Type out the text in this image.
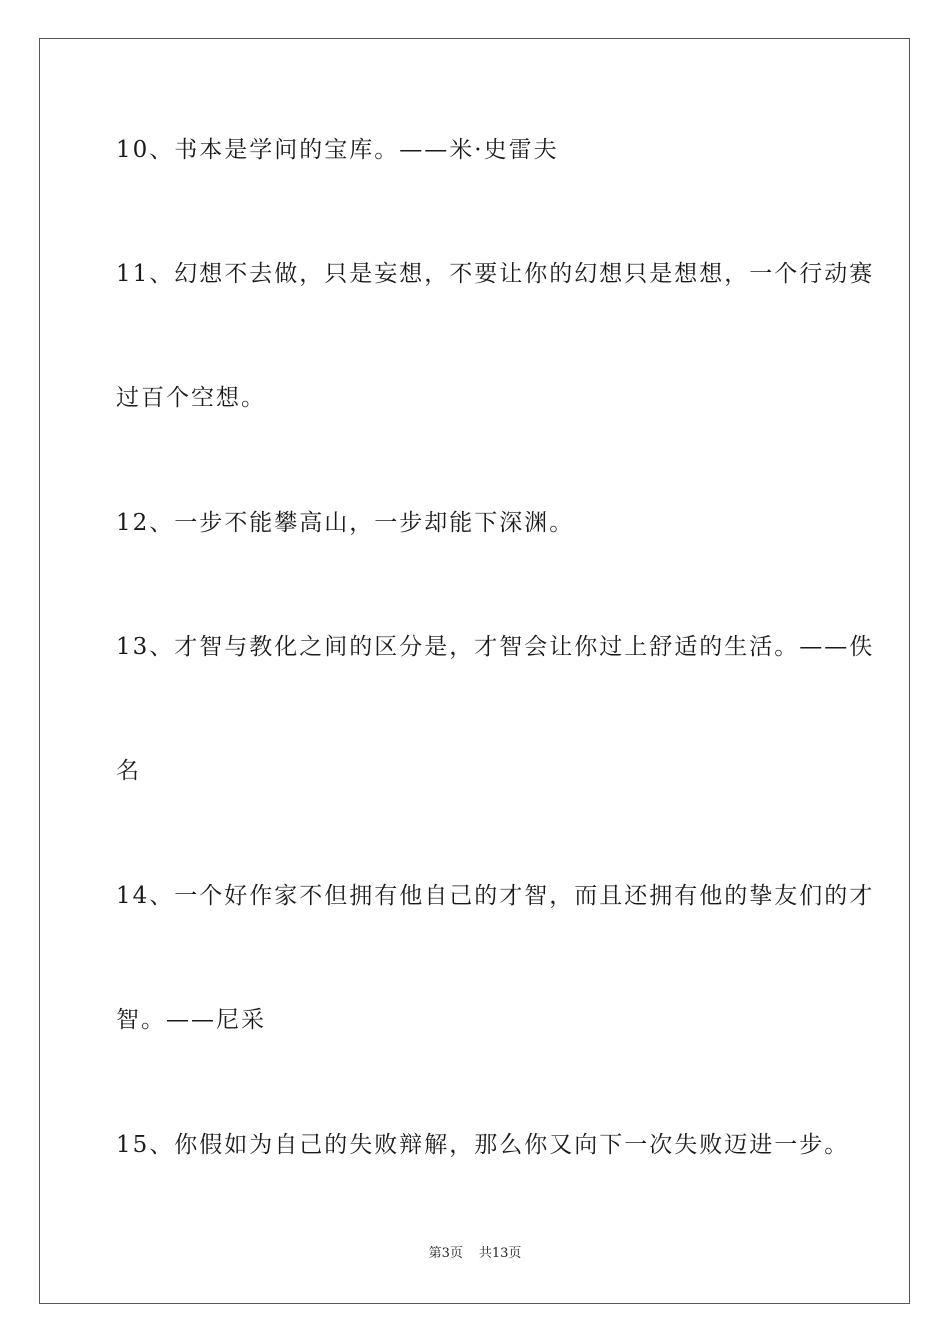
10、书本是学问的宝库。——米·史雷夫
11、幻想不去做，只是妄想，不要让你的幻想只是想想，一个行动赛
过百个空想。
12、一步不能攀高山，一步却能下深渊。
13、才智与教化之间的区分是，才智会让你过上舒适的生活。——佚
名
14、一个好作家不但拥有他自己的才智，而且还拥有他的挚友们的才
智。——尼采
15、你假如为自己的失败辩解，那么你又向下一次失败迈进一步。
第3页 共13页
